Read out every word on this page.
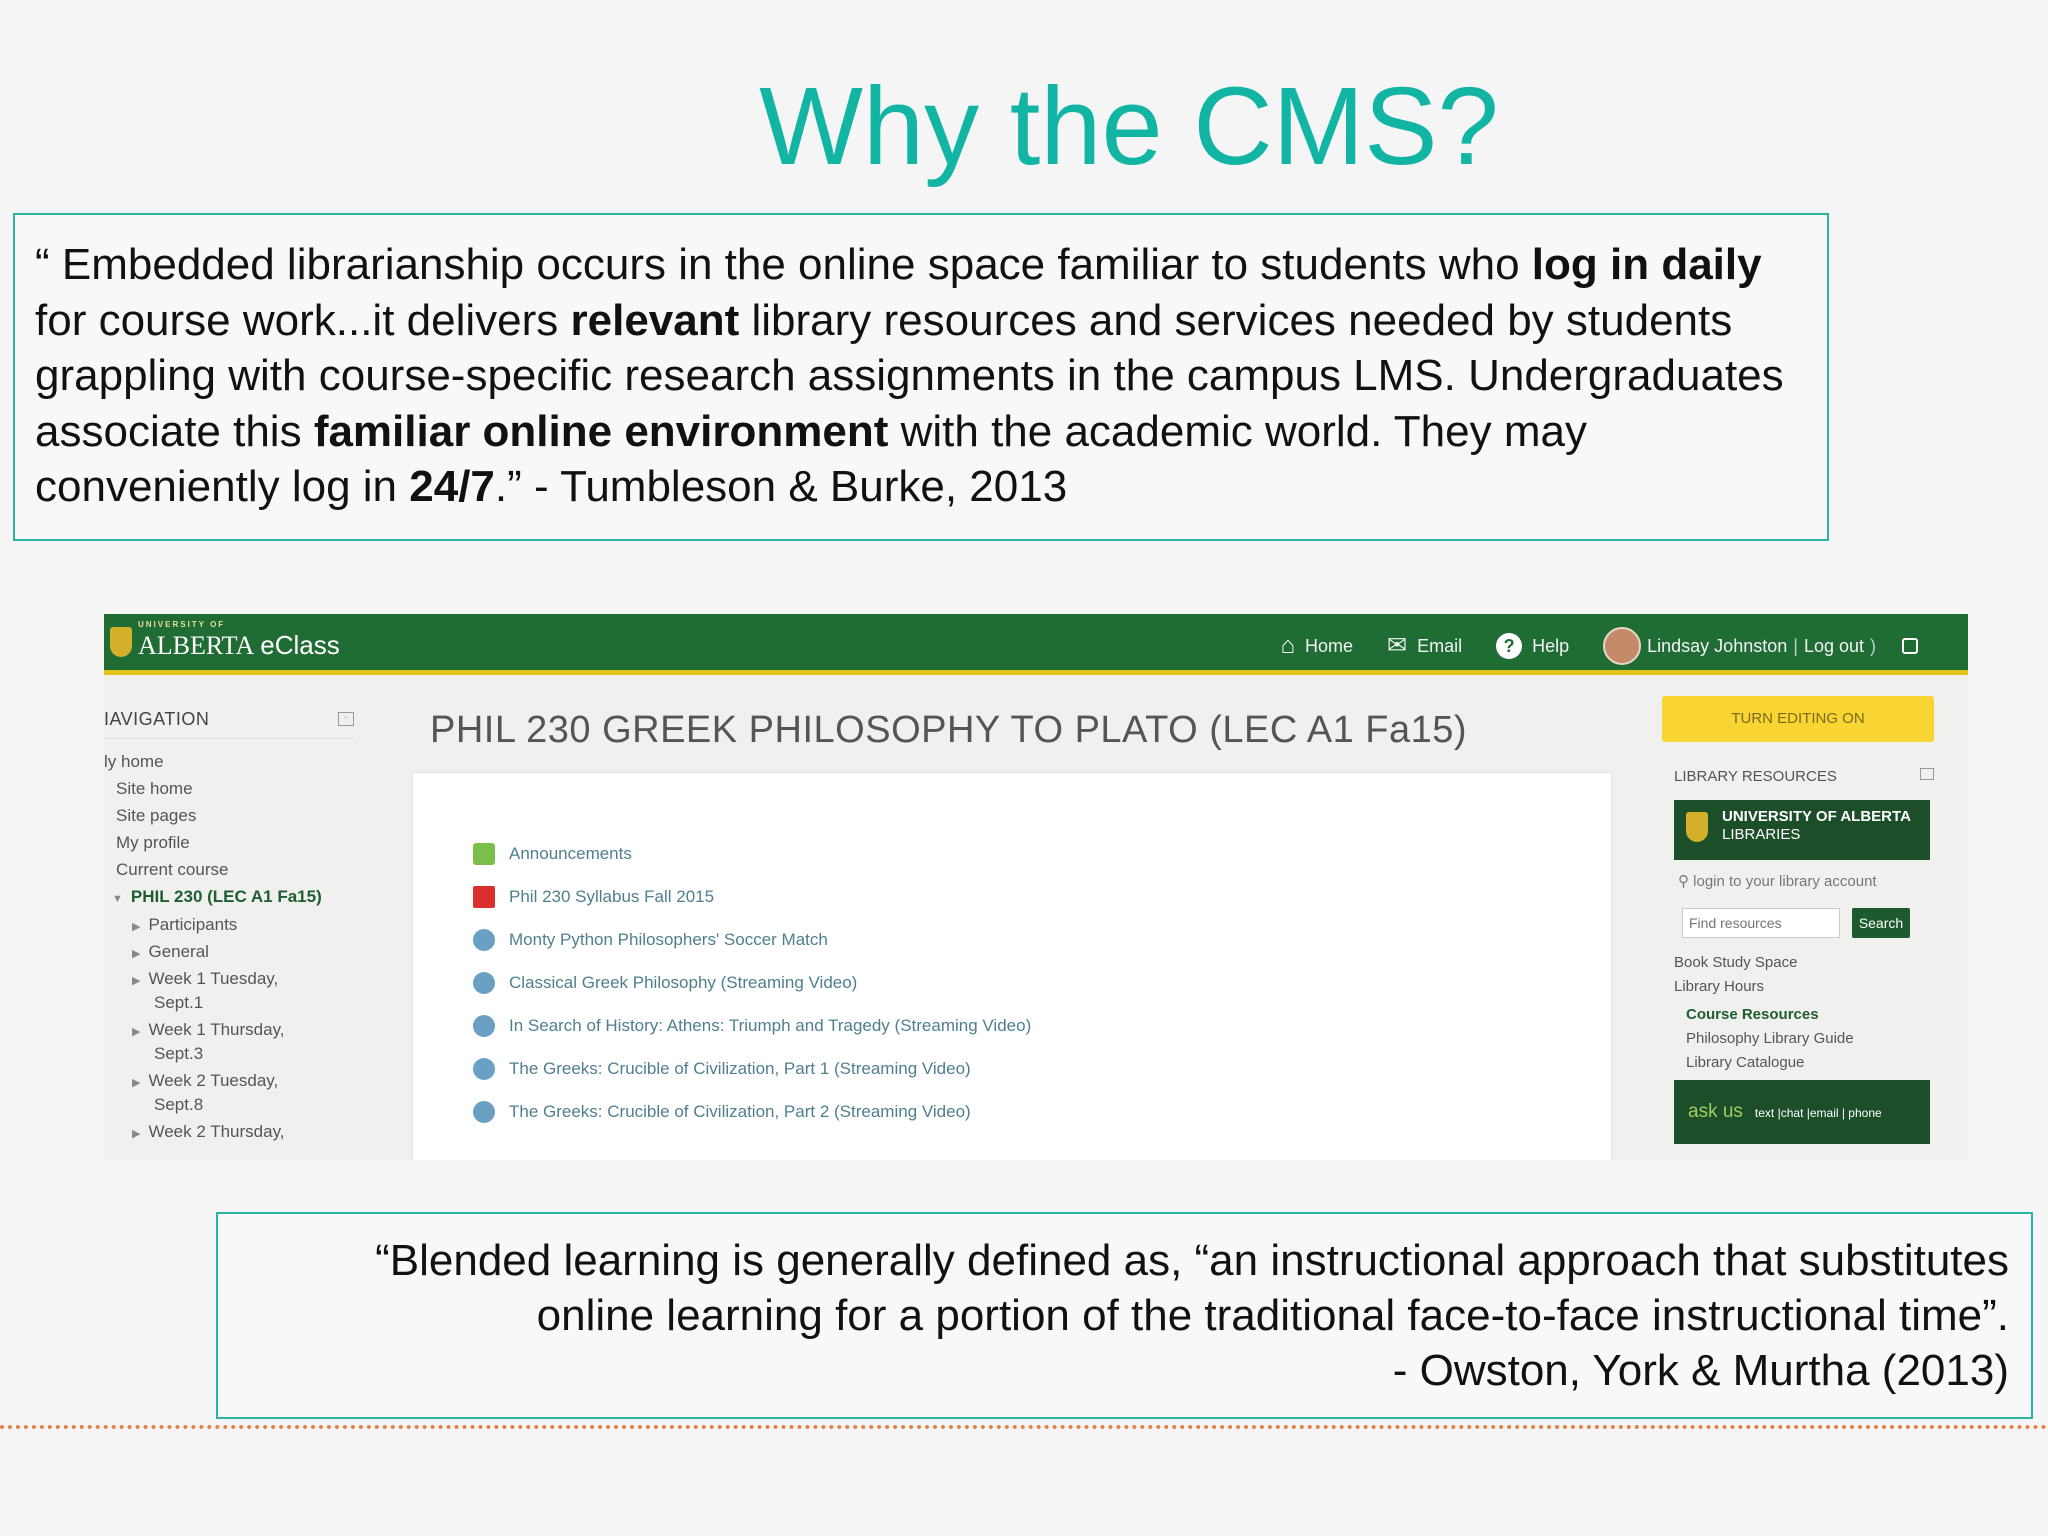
Why the CMS?
“ Embedded librarianship occurs in the online space familiar to students who log in daily for course work...it delivers relevant library resources and services needed by students grappling with course-specific research assignments in the campus LMS. Undergraduates associate this familiar online environment with the academic world. They may conveniently log in 24/7.” - Tumbleson & Burke, 2013
UNIVERSITY OF
ALBERTA eClass	⌂ Home ✉ Email	? Help	Lindsay Johnston | Log out )
IAVIGATION	-
ly home
Site home
Site pages
My profile
Current course
▼ PHIL 230 (LEC A1 Fa15)
▶ Participants
▶ General
▶ Week 1 Tuesday,
Sept.1
▶ Week 1 Thursday,
Sept.3
▶ Week 2 Tuesday,
Sept.8
▶ Week 2 Thursday,
PHIL 230 GREEK PHILOSOPHY TO PLATO (LEC A1 Fa15)
Announcements
Phil 230 Syllabus Fall 2015
Monty Python Philosophers' Soccer Match
Classical Greek Philosophy (Streaming Video)
In Search of History: Athens: Triumph and Tragedy (Streaming Video)
The Greeks: Crucible of Civilization, Part 1 (Streaming Video)
The Greeks: Crucible of Civilization, Part 2 (Streaming Video)
TURN EDITING ON
LIBRARY RESOURCES
UNIVERSITY OF ALBERTA
LIBRARIES
⚲ login to your library account
Find resources
Search
Book Study Space
Library Hours
Course Resources
Philosophy Library Guide
Library Catalogue
ask us text |chat |email | phone
“Blended learning is generally defined as, “an instructional approach that substitutes
online learning for a portion of the traditional face-to-face instructional time”.
- Owston, York & Murtha (2013)
